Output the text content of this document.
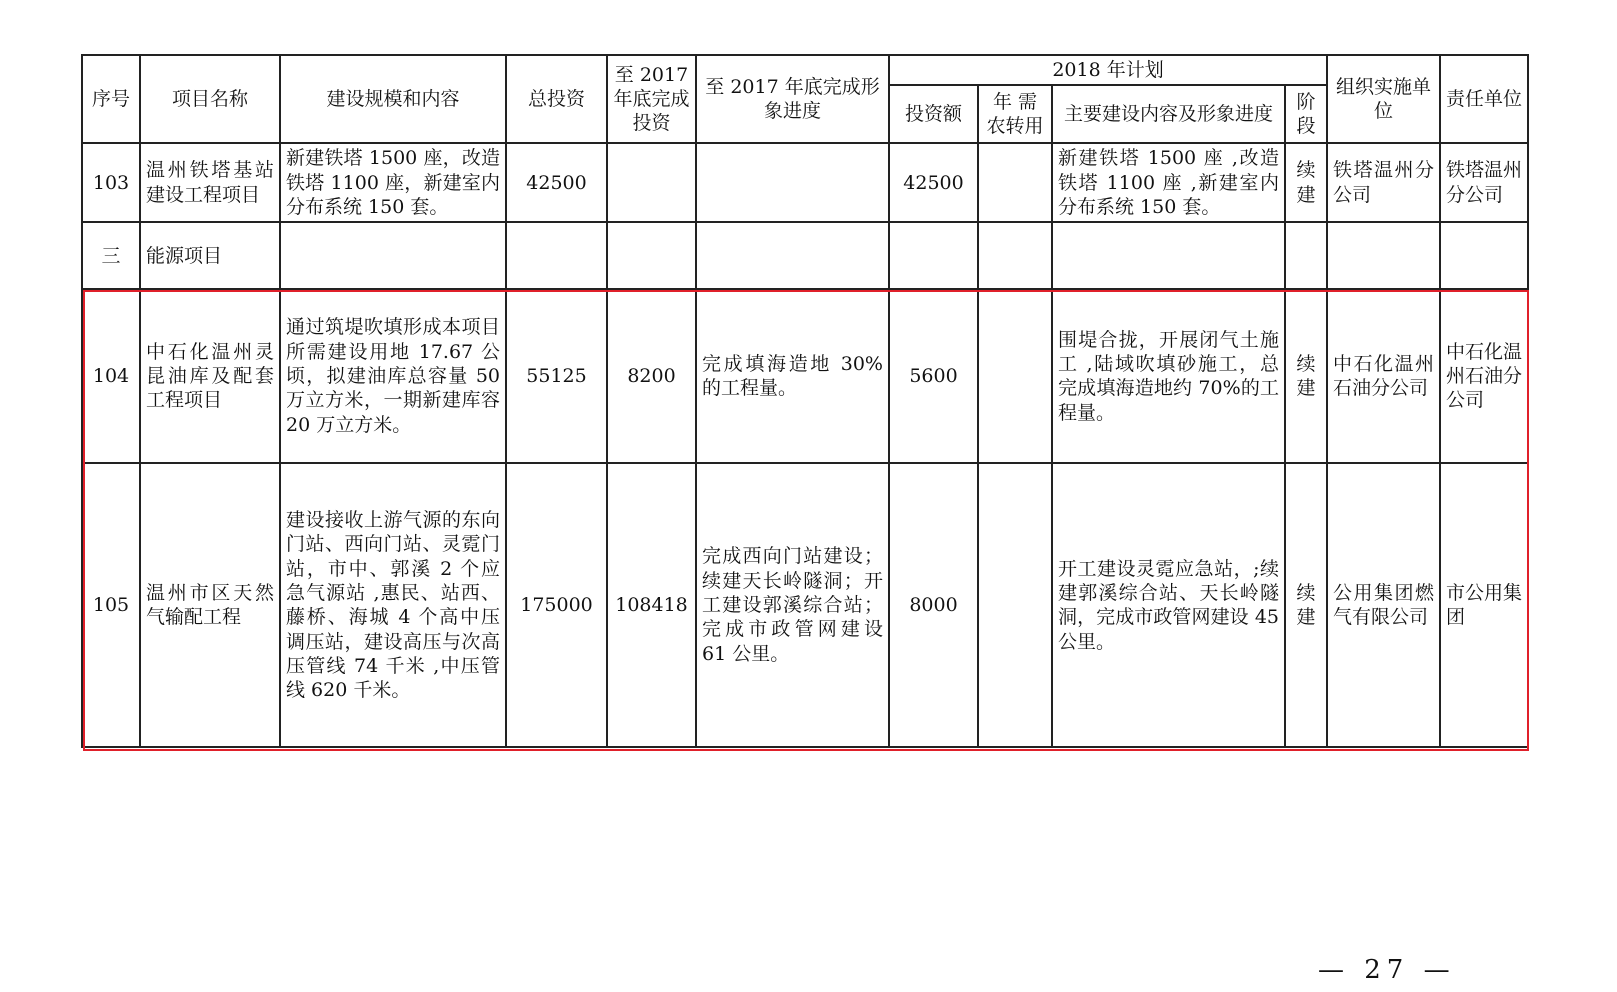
序号	项目名称	建设规模和内容	总投资	至 2017 年底完成投资	至 2017 年底完成形象进度	2018 年计划				组织实施单位	责任单位
						投资额	年 需 农转用	主要建设内容及形象进度	阶段		
103	温州铁塔基站建设工程项目	新建铁塔 1500 座，改造铁塔 1100 座，新建室内分布系统 150 套。	42500			42500		新建铁塔 1500 座 ,改造铁塔 1100 座 ,新建室内分布系统 150 套。	续建	铁塔温州分公司	铁塔温州分公司
三	能源项目										
104	中石化温州灵昆油库及配套工程项目	通过筑堤吹填形成本项目所需建设用地 17.67 公顷，拟建油库总容量 50 万立方米，一期新建库容 20 万立方米。	55125	8200	完成填海造地 30%的工程量。	5600		围堤合拢，开展闭气土施工 ,陆域吹填砂施工，总完成填海造地约 70%的工程量。	续建	中石化温州石油分公司	中石化温州石油分公司
105	温州市区天然气输配工程	建设接收上游气源的东向门站、西向门站、灵霓门站，市中、郭溪 2 个应急气源站 ,惠民、站西、藤桥、海城 4 个高中压调压站，建设高压与次高压管线 74 千米 ,中压管线 620 千米。	175000	108418	完成西向门站建设；续建天长岭隧洞；开工建设郭溪综合站；完成市政管网建设 61 公里。	8000		开工建设灵霓应急站，;续建郭溪综合站、天长岭隧洞，完成市政管网建设 45 公里。	续建	公用集团燃气有限公司	市公用集团
— 27 —
